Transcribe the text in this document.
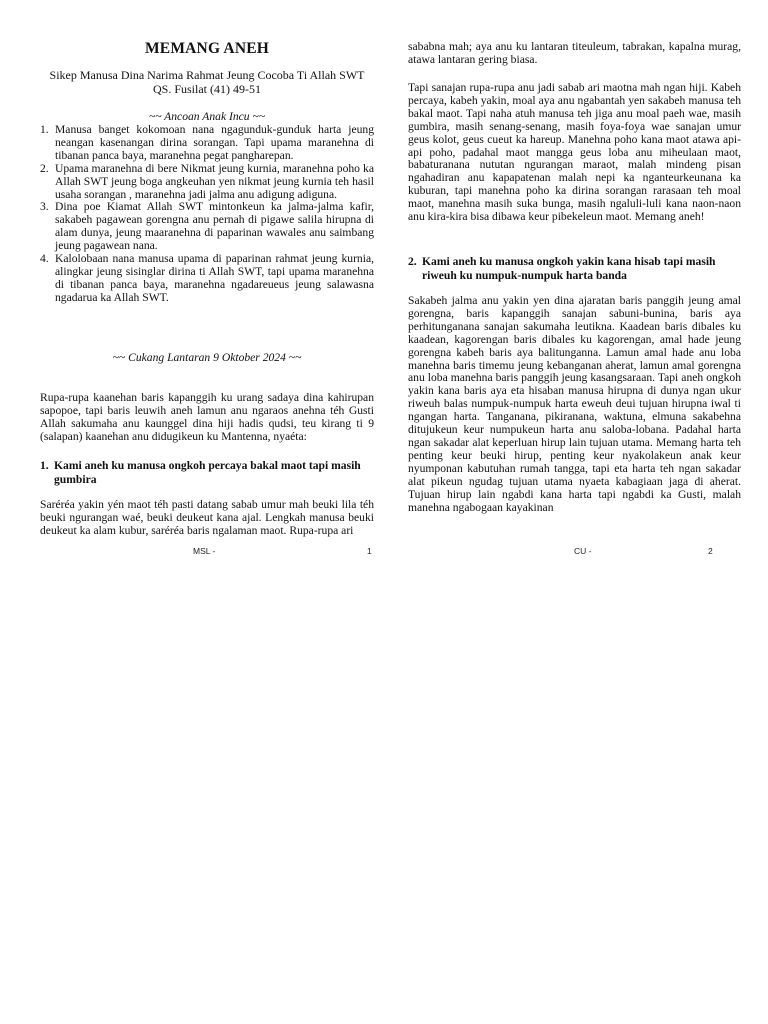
MEMANG ANEH
Sikep Manusa Dina Narima Rahmat Jeung Cocoba Ti Allah SWT
QS. Fusilat (41) 49-51
~~ Ancoan Anak Incu ~~
1. Manusa banget kokomoan nana ngagunduk-gunduk harta jeung neangan kasenangan dirina sorangan. Tapi upama maranehna di tibanan panca baya, maranehna pegat pangharepan.
2. Upama maranehna di bere Nikmat jeung kurnia, maranehna poho ka Allah SWT jeung boga angkeuhan yen nikmat jeung kurnia teh hasil usaha sorangan , maranehna jadi jalma anu adigung adiguna.
3. Dina poe Kiamat Allah SWT mintonkeun ka jalma-jalma kafir, sakabeh pagawean gorengna anu pernah di pigawe salila hirupna di alam dunya, jeung maaranehna di paparinan wawales anu saimbang jeung pagawean nana.
4. Kalolobaan nana manusa upama di paparinan rahmat jeung kurnia, alingkar jeung sisinglar dirina ti Allah SWT, tapi upama maranehna di tibanan panca baya, maranehna ngadareueus jeung salawasna ngadarua ka Allah SWT.
~~ Cukang Lantaran 9 Oktober 2024 ~~

Rupa-rupa kaanehan baris kapanggih ku urang sadaya dina kahirupan sapopoe, tapi baris leuwih aneh lamun anu ngaraos anehna téh Gusti Allah sakumaha anu kaunggel dina hiji hadis qudsi, teu kirang ti 9 (salapan) kaanehan anu didugikeun ku Mantenna, nyaéta:

1. Kami aneh ku manusa ongkoh percaya bakal maot tapi masih gumbira

Saréréa yakin yén maot téh pasti datang sabab umur mah beuki lila téh beuki ngurangan waé, beuki deukeut kana ajal. Lengkah manusa beuki deukeut ka alam kubur, saréréa baris ngalaman maot. Rupa-rupa ari

MSL -	1

sababna mah; aya anu ku lantaran titeuleum, tabrakan, kapalna murag, atawa lantaran gering biasa.

Tapi sanajan rupa-rupa anu jadi sabab ari maotna mah ngan hiji. Kabeh percaya, kabeh yakin, moal aya anu ngabantah yen sakabeh manusa teh bakal maot. Tapi naha atuh manusa teh jiga anu moal paeh wae, masih gumbira, masih senang-senang, masih foya-foya wae sanajan umur geus kolot, geus cueut ka hareup. Manehna poho kana maot atawa api-api poho, padahal maot mangga geus loba anu miheulaan maot, babaturanana nututan ngurangan maraot, malah mindeng pisan ngahadiran anu kapapatenan malah nepi ka nganteurkeunana ka kuburan, tapi manehna poho ka dirina sorangan rarasaan teh moal maot, manehna masih suka bunga, masih ngaluli-luli kana naon-naon anu kira-kira bisa dibawa keur pibekeleun maot. Memang aneh!

2. Kami aneh ku manusa ongkoh yakin kana hisab tapi masih riweuh ku numpuk-numpuk harta banda

Sakabeh jalma anu yakin yen dina ajaratan baris panggih jeung amal gorengna, baris kapanggih sanajan sabuni-bunina, baris aya perhitunganana sanajan sakumaha leutikna. Kaadean baris dibales ku kaadean, kagorengan baris dibales ku kagorengan, amal hade jeung gorengna kabeh baris aya balitunganna. Lamun amal hade anu loba manehna baris timemu jeung kebanganan aherat, lamun amal gorengna anu loba manehna baris panggih jeung kasangsaraan. Tapi aneh ongkoh yakin kana baris aya eta hisaban manusa hirupna di dunya ngan ukur riweuh balas numpuk-numpuk harta eweuh deui tujuan hirupna iwal ti ngangan harta. Tanganana, pikiranana, waktuna, elmuna sakabehna ditujukeun keur numpukeun harta anu saloba-lobana. Padahal harta ngan sakadar alat keperluan hirup lain tujuan utama. Memang harta teh penting keur beuki hirup, penting keur nyakolakeun anak keur nyumponan kabutuhan rumah tangga, tapi eta harta teh ngan sakadar alat pikeun ngudag tujuan utama nyaeta kabagiaan jaga di aherat. Tujuan hirup lain ngabdi kana harta tapi ngabdi ka Gusti, malah manehna ngabogaan kayakinan

CU -	2
